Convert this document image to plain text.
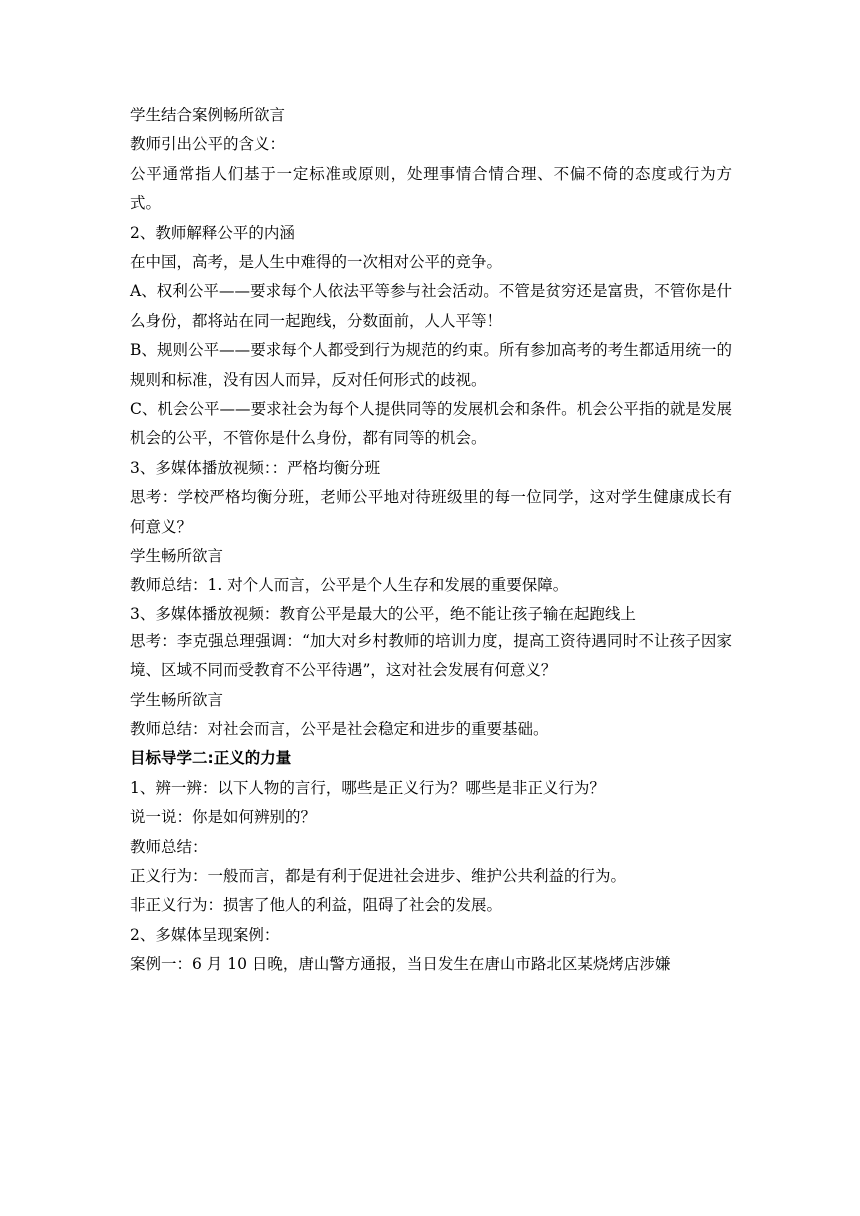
学生结合案例畅所欲言
教师引出公平的含义：
公平通常指人们基于一定标准或原则，处理事情合情合理、不偏不倚的态度或行为方式。
2、教师解释公平的内涵
在中国，高考，是人生中难得的一次相对公平的竞争。
A、权利公平——要求每个人依法平等参与社会活动。不管是贫穷还是富贵，不管你是什么身份，都将站在同一起跑线，分数面前，人人平等！
B、规则公平——要求每个人都受到行为规范的约束。所有参加高考的考生都适用统一的规则和标准，没有因人而异，反对任何形式的歧视。
C、机会公平——要求社会为每个人提供同等的发展机会和条件。机会公平指的就是发展机会的公平，不管你是什么身份，都有同等的机会。
3、多媒体播放视频：：严格均衡分班
思考：学校严格均衡分班，老师公平地对待班级里的每一位同学，这对学生健康成长有何意义？
学生畅所欲言
教师总结：1. 对个人而言，公平是个人生存和发展的重要保障。
3、多媒体播放视频：教育公平是最大的公平，绝不能让孩子输在起跑线上
思考：李克强总理强调：“加大对乡村教师的培训力度，提高工资待遇同时不让孩子因家境、区域不同而受教育不公平待遇”，这对社会发展有何意义？
学生畅所欲言
教师总结：对社会而言，公平是社会稳定和进步的重要基础。
目标导学二:正义的力量
1、辨一辨：以下人物的言行，哪些是正义行为？哪些是非正义行为？
说一说：你是如何辨别的？
教师总结：
正义行为：一般而言，都是有利于促进社会进步、维护公共利益的行为。
非正义行为：损害了他人的利益，阻碍了社会的发展。
2、多媒体呈现案例：
案例一：6 月 10 日晚，唐山警方通报，当日发生在唐山市路北区某烧烤店涉嫌
